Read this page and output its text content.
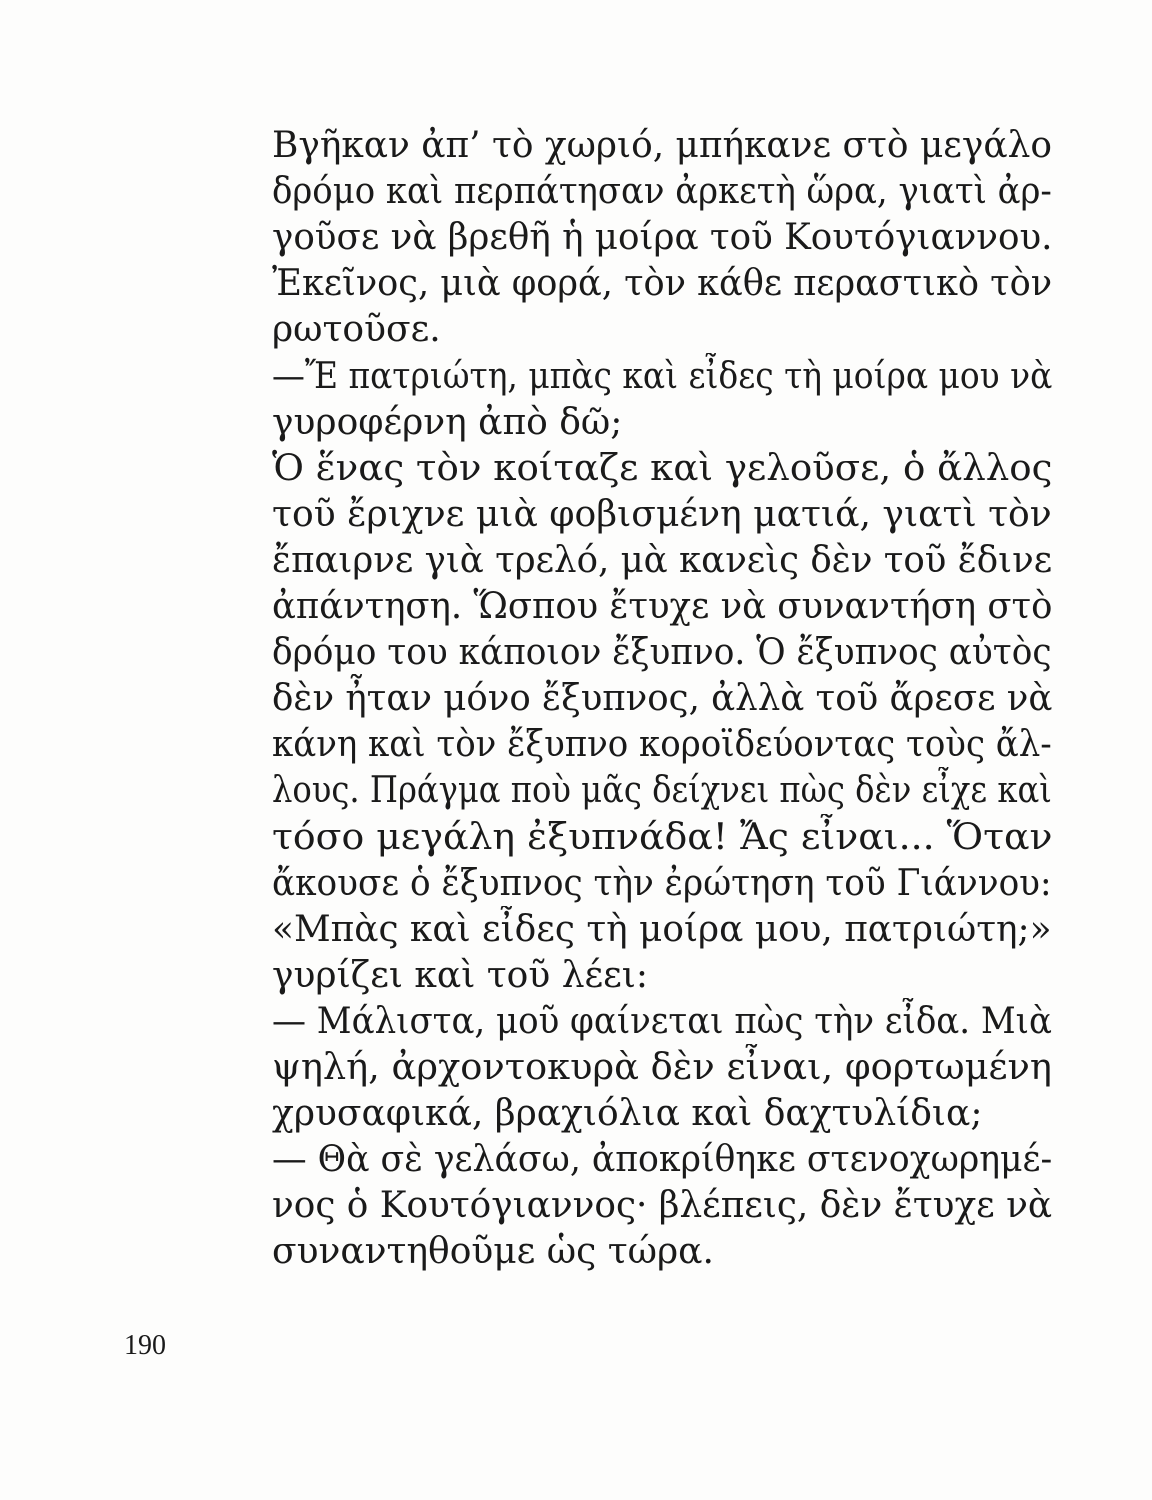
Βγῆκαν ἀπ’ τὸ χωριό, μπήκανε στὸ μεγάλο
δρόμο καὶ περπάτησαν ἀρκετὴ ὥρα, γιατὶ ἀρ-
γοῦσε νὰ βρεθῆ ἡ μοίρα τοῦ Κουτόγιαννου.
Ἐκεῖνος, μιὰ φορά, τὸν κάθε περαστικὸ τὸν
ρωτοῦσε.
—Ἔ πατριώτη, μπὰς καὶ εἶδες τὴ μοίρα μου νὰ
γυροφέρνη ἀπὸ δῶ;
Ὁ ἕνας τὸν κοίταζε καὶ γελοῦσε, ὁ ἄλλος
τοῦ ἔριχνε μιὰ φοβισμένη ματιά, γιατὶ τὸν
ἔπαιρνε γιὰ τρελό, μὰ κανεὶς δὲν τοῦ ἔδινε
ἀπάντηση. Ὥσπου ἔτυχε νὰ συναντήση στὸ
δρόμο του κάποιον ἔξυπνο. Ὁ ἔξυπνος αὐτὸς
δὲν ἦταν μόνο ἔξυπνος, ἀλλὰ τοῦ ἄρεσε νὰ
κάνη καὶ τὸν ἔξυπνο κοροϊδεύοντας τοὺς ἄλ-
λους. Πράγμα ποὺ μᾶς δείχνει πὼς δὲν εἶχε καὶ
τόσο μεγάλη ἐξυπνάδα! Ἄς εἶναι... Ὅταν
ἄκουσε ὁ ἔξυπνος τὴν ἐρώτηση τοῦ Γιάννου:
«Μπὰς καὶ εἶδες τὴ μοίρα μου, πατριώτη;»
γυρίζει καὶ τοῦ λέει:
— Μάλιστα, μοῦ φαίνεται πὼς τὴν εἶδα. Μιὰ
ψηλή, ἀρχοντοκυρὰ δὲν εἶναι, φορτωμένη
χρυσαφικά, βραχιόλια καὶ δαχτυλίδια;
— Θὰ σὲ γελάσω, ἀποκρίθηκε στενοχωρημέ-
νος ὁ Κουτόγιαννος· βλέπεις, δὲν ἔτυχε νὰ
συναντηθοῦμε ὡς τώρα.
190
